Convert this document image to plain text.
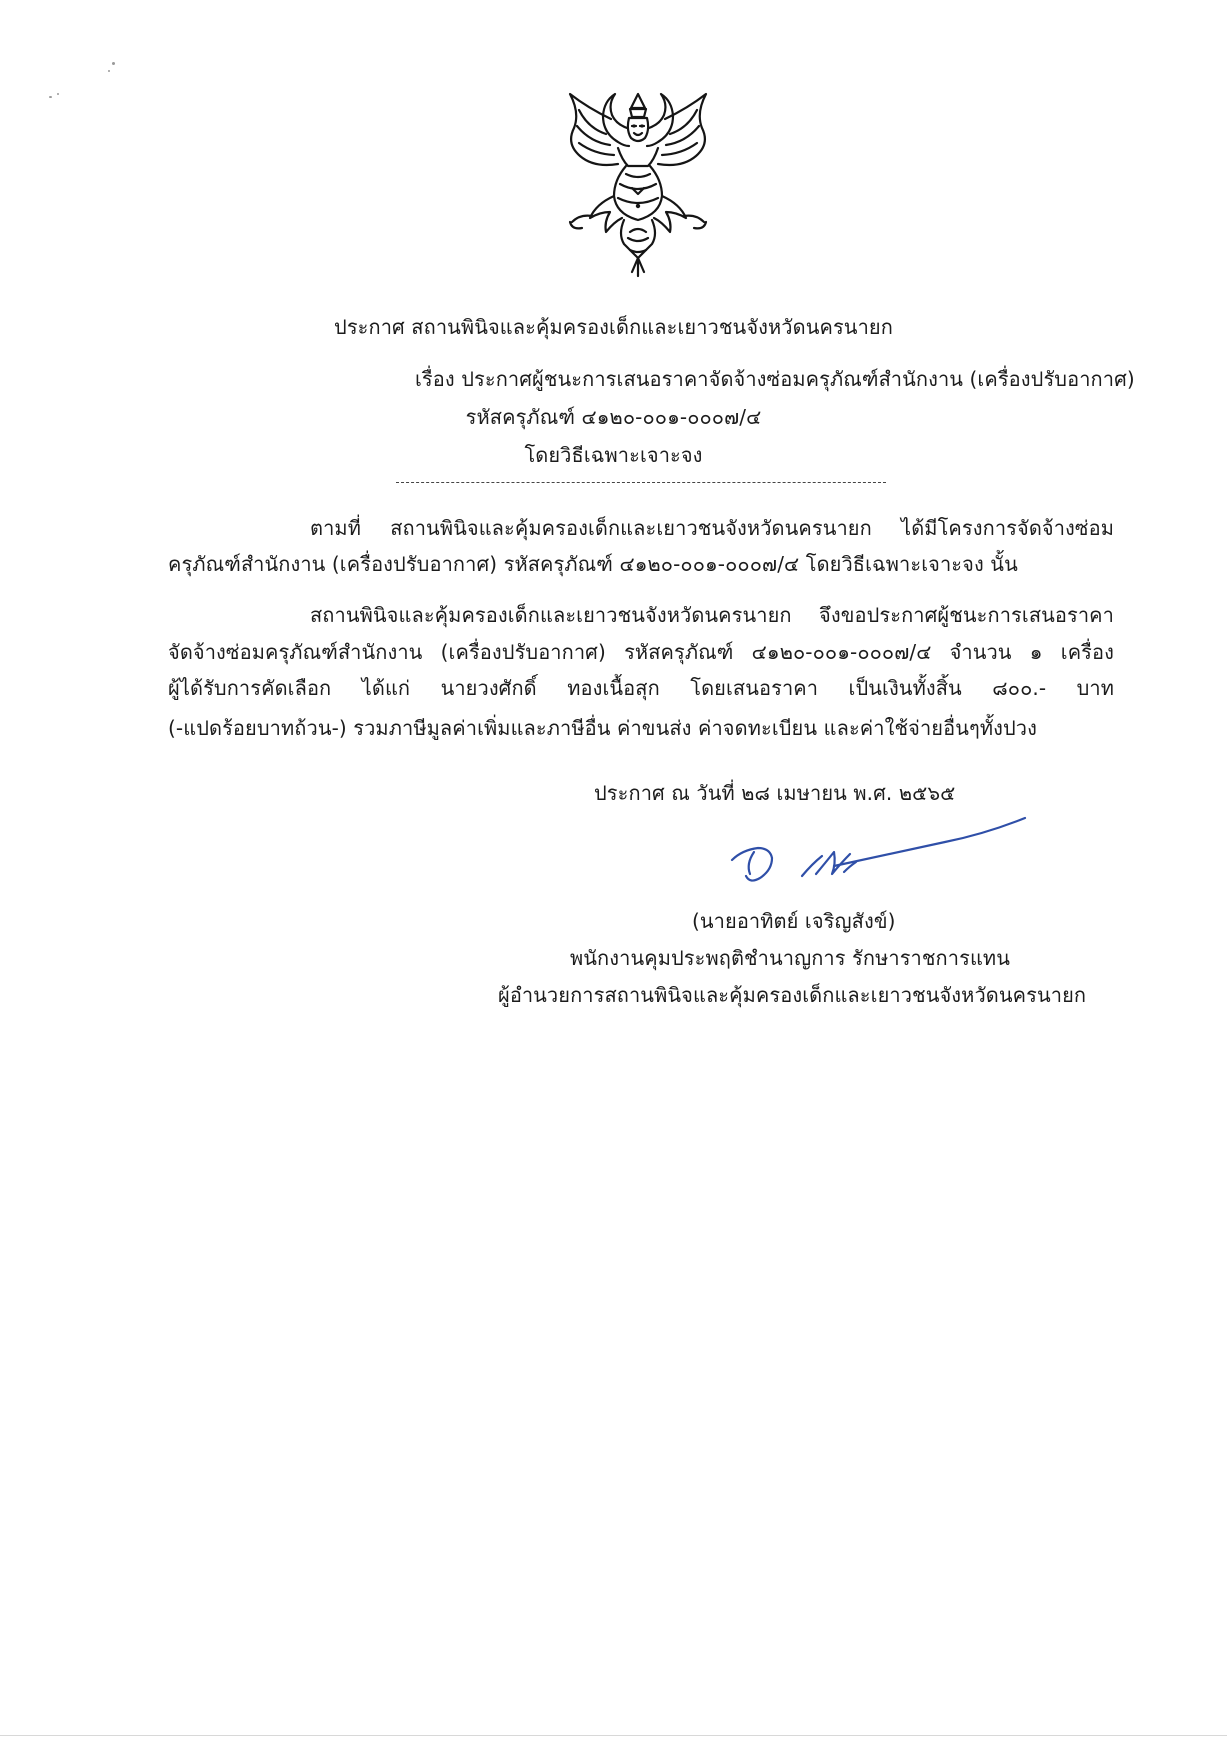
ประกาศ สถานพินิจและคุ้มครองเด็กและเยาวชนจังหวัดนครนายก
เรื่อง ประกาศผู้ชนะการเสนอราคาจัดจ้างซ่อมครุภัณฑ์สำนักงาน (เครื่องปรับอากาศ)
รหัสครุภัณฑ์ ๔๑๒๐-๐๐๑-๐๐๐๗/๔
โดยวิธีเฉพาะเจาะจง
ตามที่ สถานพินิจและคุ้มครองเด็กและเยาวชนจังหวัดนครนายก ได้มีโครงการจัดจ้างซ่อม
ครุภัณฑ์สำนักงาน (เครื่องปรับอากาศ) รหัสครุภัณฑ์ ๔๑๒๐-๐๐๑-๐๐๐๗/๔ โดยวิธีเฉพาะเจาะจง นั้น
สถานพินิจและคุ้มครองเด็กและเยาวชนจังหวัดนครนายก จึงขอประกาศผู้ชนะการเสนอราคา
จัดจ้างซ่อมครุภัณฑ์สำนักงาน (เครื่องปรับอากาศ) รหัสครุภัณฑ์ ๔๑๒๐-๐๐๑-๐๐๐๗/๔ จำนวน ๑ เครื่อง
ผู้ได้รับการคัดเลือก ได้แก่ นายวงศักดิ์ ทองเนื้อสุก โดยเสนอราคา เป็นเงินทั้งสิ้น ๘๐๐.- บาท
(-แปดร้อยบาทถ้วน-) รวมภาษีมูลค่าเพิ่มและภาษีอื่น ค่าขนส่ง ค่าจดทะเบียน และค่าใช้จ่ายอื่นๆทั้งปวง
ประกาศ ณ วันที่ ๒๘ เมษายน พ.ศ. ๒๕๖๕
(นายอาทิตย์ เจริญสังข์)
พนักงานคุมประพฤติชำนาญการ รักษาราชการแทน
ผู้อำนวยการสถานพินิจและคุ้มครองเด็กและเยาวชนจังหวัดนครนายก
